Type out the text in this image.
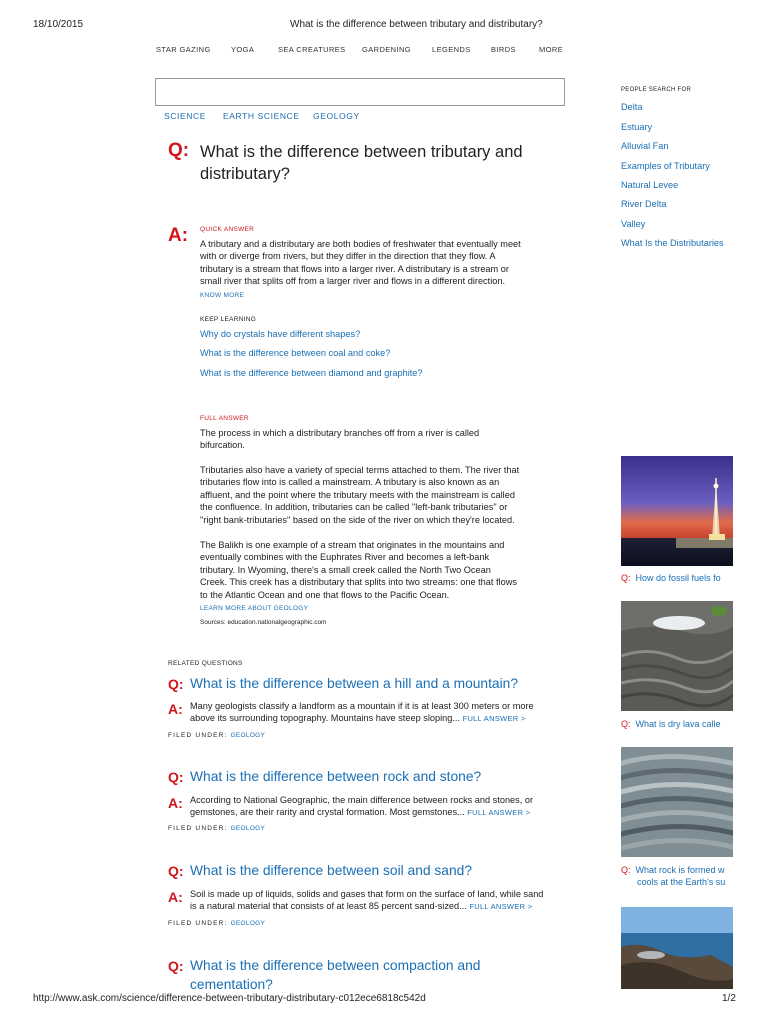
18/10/2015	What is the difference between tributary and distributary?
STAR GAZING	YOGA	SEA CREATURES GARDENING	LEGENDS	BIRDS	MORE
SCIENCE EARTH SCIENCE GEOLOGY
Q: What is the difference between tributary and distributary?
A: QUICK ANSWER
A tributary and a distributary are both bodies of freshwater that eventually meet
with or diverge from rivers, but they differ in the direction that they flow. A
tributary is a stream that flows into a larger river. A distributary is a stream or
small river that splits off from a larger river and flows in a different direction.
KNOW MORE
KEEP LEARNING
Why do crystals have different shapes?
What is the difference between coal and coke?
What is the difference between diamond and graphite?
FULL ANSWER
The process in which a distributary branches off from a river is called
bifurcation.
Tributaries also have a variety of special terms attached to them. The river that
tributaries flow into is called a mainstream. A tributary is also known as an
affluent, and the point where the tributary meets with the mainstream is called
the confluence. In addition, tributaries can be called "left-bank tributaries" or
"right bank-tributaries" based on the side of the river on which they're located.
The Balikh is one example of a stream that originates in the mountains and
eventually combines with the Euphrates River and becomes a left-bank
tributary. In Wyoming, there's a small creek called the North Two Ocean
Creek. This creek has a distributary that splits into two streams: one that flows
to the Atlantic Ocean and one that flows to the Pacific Ocean.
LEARN MORE ABOUT GEOLOGY
Sources: education.nationalgeographic.com
RELATED QUESTIONS
Q: What is the difference between a hill and a mountain?
A: Many geologists classify a landform as a mountain if it is at least 300 meters or more
above its surrounding topography. Mountains have steep sloping... FULL ANSWER >
FILED UNDER: GEOLOGY
Q: What is the difference between rock and stone?
A: According to National Geographic, the main difference between rocks and stones, or
gemstones, are their rarity and crystal formation. Most gemstones... FULL ANSWER >
FILED UNDER: GEOLOGY
Q: What is the difference between soil and sand?
A: Soil is made up of liquids, solids and gases that form on the surface of land, while sand
is a natural material that consists of at least 85 percent sand-sized... FULL ANSWER >
FILED UNDER: GEOLOGY
Q: What is the difference between compaction and
cementation?
PEOPLE SEARCH FOR
Delta
Estuary
Alluvial Fan
Examples of Tributary
Natural Levee
River Delta
Valley
What Is the Distributaries
Q: How do fossil fuels fo
Q: What is dry lava calle
Q: What rock is formed w
cools at the Earth's su
http://www.ask.com/science/difference-between-tributary-distributary-c012ece6818c542d	1/2
